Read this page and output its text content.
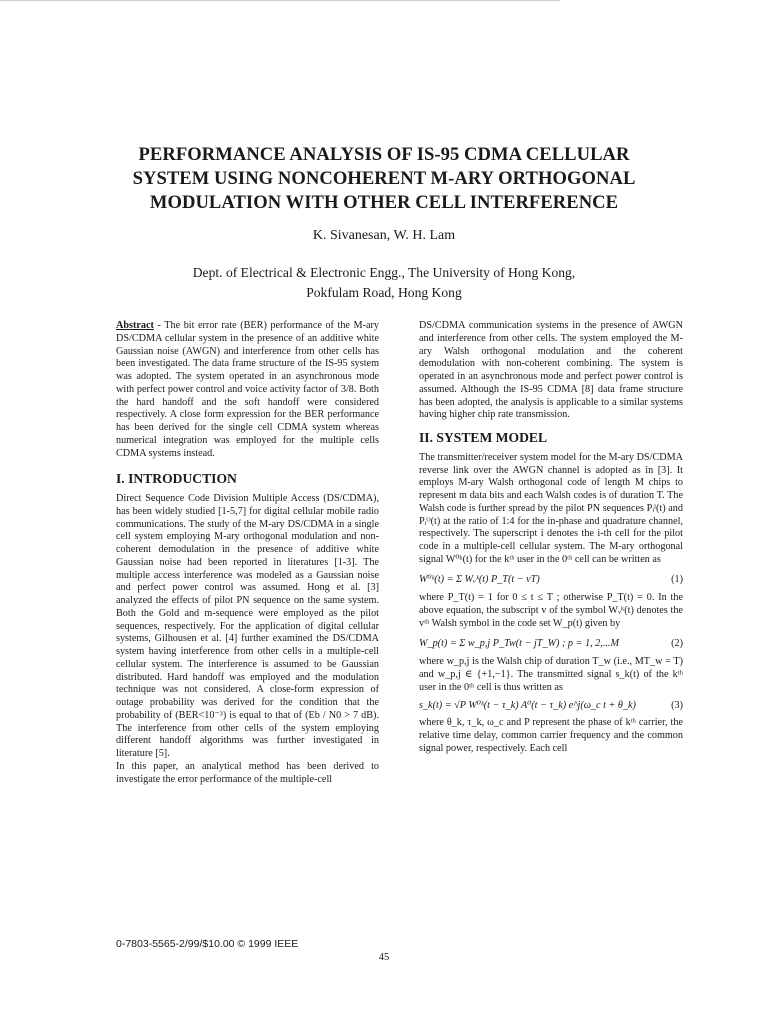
PERFORMANCE ANALYSIS OF IS-95 CDMA CELLULAR
SYSTEM USING NONCOHERENT M-ARY ORTHOGONAL
MODULATION WITH OTHER CELL INTERFERENCE
K. Sivanesan, W. H. Lam
Dept. of Electrical & Electronic Engg., The University of Hong Kong,
Pokfulam Road, Hong Kong

Abstract - The bit error rate (BER) performance of the M-ary DS/CDMA cellular system in the presence of an additive white Gaussian noise (AWGN) and interference from other cells has been investigated. The data frame structure of the IS-95 system was adopted. The system operated in an asynchronous mode with perfect power control and voice activity factor of 3/8. Both the hard handoff and the soft handoff were considered respectively. A close form expression for the BER performance has been derived for the single cell CDMA system whereas numerical integration was employed for the multiple cells CDMA systems instead.

I. INTRODUCTION

Direct Sequence Code Division Multiple Access (DS/CDMA), has been widely studied [1-5,7] for digital cellular mobile radio communications. The study of the M-ary DS/CDMA in a single cell system employing M-ary orthogonal modulation and non-coherent demodulation in the presence of additive white Gaussian noise had been reported in literatures [1-3]. The multiple access interference was modeled as a Gaussian noise and perfect power control was assumed. Hong et al. [3] analyzed the effects of pilot PN sequence on the same system. Both the Gold and m-sequence were employed as the pilot sequences, respectively. For the application of digital cellular systems, Gilhousen et al. [4] further examined the DS/CDMA system having interference from other cells in a multiple-cell cellular system. The interference is assumed to be Gaussian distributed. Hard handoff was employed and the modulation technique was not considered. A close-form expression of outage probability was derived for the condition that the probability of (BER<10⁻³) is equal to that of (Eb / N0 > 7 dB). The interference from other cells of the system employing different handoff algorithms was further investigated in literature [5].

In this paper, an analytical method has been derived to investigate the error performance of the multiple-cell

DS/CDMA communication systems in the presence of AWGN and interference from other cells. The system employed the M-ary Walsh orthogonal modulation and the coherent demodulation with non-coherent combining. The system is operated in an asynchronous mode and perfect power control is assumed. Although the IS-95 CDMA [8] data frame structure has been adopted, the analysis is applicable to a similar systems having higher chip rate transmission.

II. SYSTEM MODEL

The transmitter/receiver system model for the M-ary DS/CDMA reverse link over the AWGN channel is adopted as in [3]. It employs M-ary Walsh orthogonal code of length M chips to represent m data bits and each Walsh codes is of duration T. The Walsh code is further spread by the pilot PN sequences Pᵢᴵ(t) and Pᵢᴼ(t) at the ratio of 1:4 for the in-phase and quadrature channel, respectively. The superscript i denotes the i-th cell for the pilot code in a multiple-cell cellular system. The M-ary orthogonal signal W⁰ᵏ(t) for the kᵗʰ user in the 0ᵗʰ cell can be written as

W⁰ᵏ(t) = Σ Wᵥᵏ(t) P_T(t − vT)	(1)

where P_T(t) = 1 for 0 ≤ t ≤ T ; otherwise P_T(t) = 0. In the above equation, the subscript v of the symbol Wᵥᵏ(t) denotes the vᵗʰ Walsh symbol in the code set W_p(t) given by

W_p(t) = Σ w_p,j P_Tw(t − jT_W) ; p = 1, 2,...M	(2)

where w_p,j is the Walsh chip of duration T_w (i.e., MT_w = T) and w_p,j ∈ {+1,−1}. The transmitted signal s_k(t) of the kᵗʰ user in the 0ᵗʰ cell is thus written as

s_k(t) = √P W⁰ᵏ(t − τ_k) A⁰(t − τ_k) e^j(ω_c t + θ_k)	(3)

where θ_k, τ_k, ω_c and P represent the phase of kᵗʰ carrier, the relative time delay, common carrier frequency and the common signal power, respectively. Each cell

0-7803-5565-2/99/$10.00 © 1999 IEEE
45
